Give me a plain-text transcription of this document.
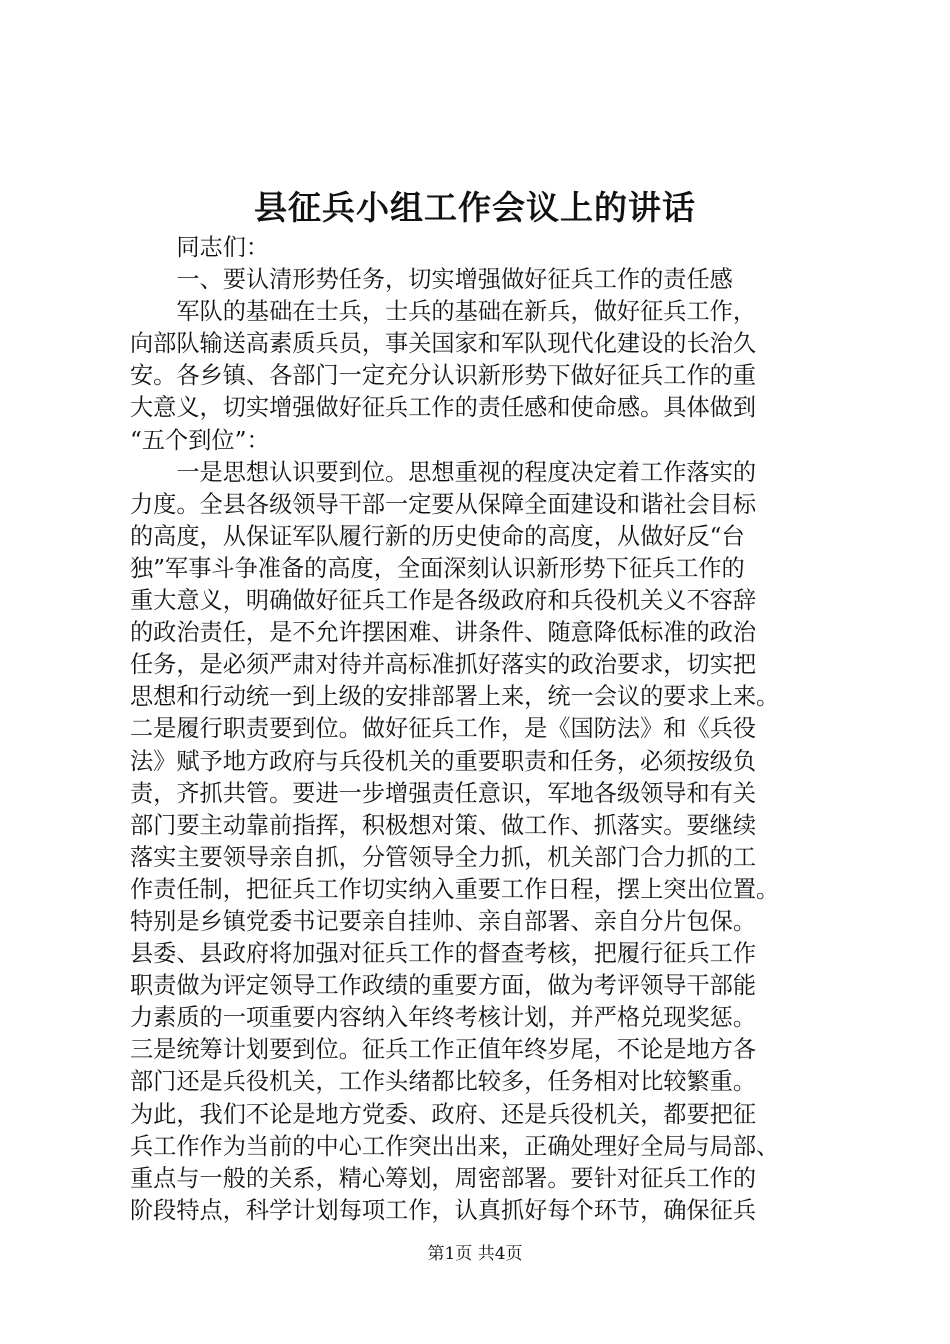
县征兵小组工作会议上的讲话
　　同志们：
　　一、要认清形势任务，切实增强做好征兵工作的责任感
　　军队的基础在士兵，士兵的基础在新兵，做好征兵工作，
向部队输送高素质兵员，事关国家和军队现代化建设的长治久
安。各乡镇、各部门一定充分认识新形势下做好征兵工作的重
大意义，切实增强做好征兵工作的责任感和使命感。具体做到
“五个到位”：
　　一是思想认识要到位。思想重视的程度决定着工作落实的
力度。全县各级领导干部一定要从保障全面建设和谐社会目标
的高度，从保证军队履行新的历史使命的高度，从做好反“台
独”军事斗争准备的高度，全面深刻认识新形势下征兵工作的
重大意义，明确做好征兵工作是各级政府和兵役机关义不容辞
的政治责任，是不允许摆困难、讲条件、随意降低标准的政治
任务，是必须严肃对待并高标准抓好落实的政治要求，切实把
思想和行动统一到上级的安排部署上来，统一会议的要求上来。
二是履行职责要到位。做好征兵工作，是《国防法》和《兵役
法》赋予地方政府与兵役机关的重要职责和任务，必须按级负
责，齐抓共管。要进一步增强责任意识，军地各级领导和有关
部门要主动靠前指挥，积极想对策、做工作、抓落实。要继续
落实主要领导亲自抓，分管领导全力抓，机关部门合力抓的工
作责任制，把征兵工作切实纳入重要工作日程，摆上突出位置。
特别是乡镇党委书记要亲自挂帅、亲自部署、亲自分片包保。
县委、县政府将加强对征兵工作的督查考核，把履行征兵工作
职责做为评定领导工作政绩的重要方面，做为考评领导干部能
力素质的一项重要内容纳入年终考核计划，并严格兑现奖惩。
三是统筹计划要到位。征兵工作正值年终岁尾，不论是地方各
部门还是兵役机关，工作头绪都比较多，任务相对比较繁重。
为此，我们不论是地方党委、政府、还是兵役机关，都要把征
兵工作作为当前的中心工作突出出来，正确处理好全局与局部、
重点与一般的关系，精心筹划，周密部署。要针对征兵工作的
阶段特点，科学计划每项工作，认真抓好每个环节，确保征兵
第1页 共4页
